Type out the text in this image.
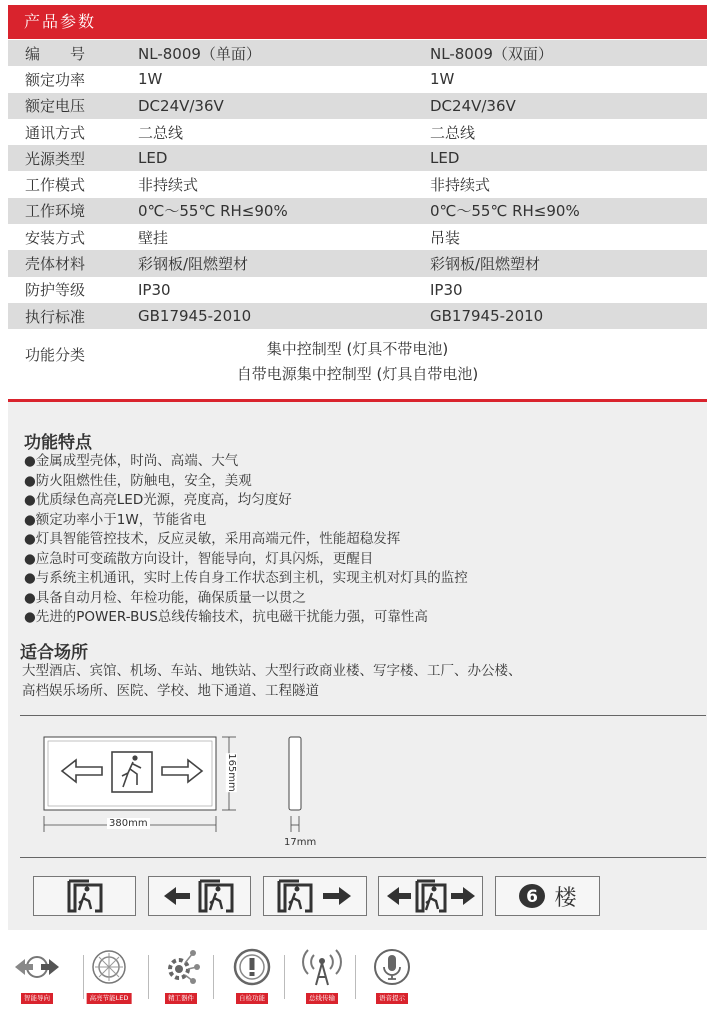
产品参数
编　　号	NL-8009（单面）	NL-8009（双面）
额定功率	1W	1W
额定电压	DC24V/36V	DC24V/36V
通讯方式	二总线	二总线
光源类型	LED	LED
工作模式	非持续式	非持续式
工作环境	0℃～55℃ RH≤90%	0℃～55℃ RH≤90%
安装方式	壁挂	吊装
壳体材料	彩钢板/阻燃塑材	彩钢板/阻燃塑材
防护等级	IP30	IP30
执行标准	GB17945-2010	GB17945-2010
功能分类	集中控制型 (灯具不带电池)
自带电源集中控制型 (灯具自带电池)
功能特点
●金属成型壳体，时尚、高端、大气
●防火阻燃性佳，防触电，安全，美观
●优质绿色高亮LED光源，亮度高，均匀度好
●额定功率小于1W，节能省电
●灯具智能管控技术，反应灵敏，采用高端元件，性能超稳发挥
●应急时可变疏散方向设计，智能导向，灯具闪烁，更醒目
●与系统主机通讯，实时上传自身工作状态到主机，实现主机对灯具的监控
●具备自动月检、年检功能，确保质量一以贯之
●先进的POWER-BUS总线传输技术，抗电磁干扰能力强，可靠性高
适合场所
大型酒店、宾馆、机场、车站、地铁站、大型行政商业楼、写字楼、工厂、办公楼、
高档娱乐场所、医院、学校、地下通道、工程隧道
380mm
165mm
17mm
6 楼
智能导向	高亮节能LED	精工器件	自检功能	总线传输	语音提示
